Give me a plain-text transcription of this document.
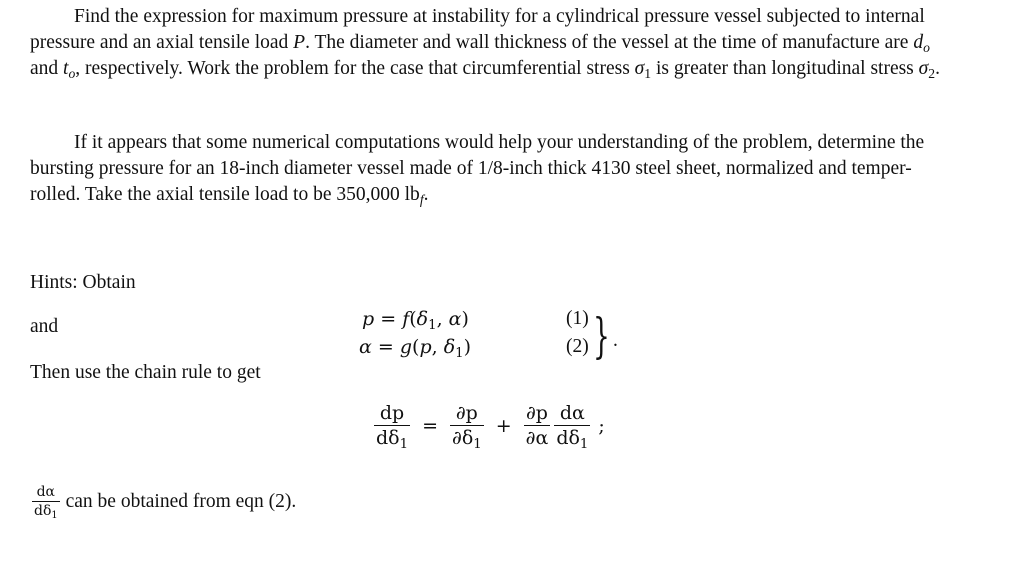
Find the expression for maximum pressure at instability for a cylindrical pressure vessel subjected to internal pressure and an axial tensile load P. The diameter and wall thickness of the vessel at the time of manufacture are $d_o$ and $t_o$, respectively. Work the problem for the case that circumferential stress $\sigma_1$ is greater than longitudinal stress $\sigma_2$.

If it appears that some numerical computations would help your understanding of the problem, determine the bursting pressure for an 18-inch diameter vessel made of 1/8-inch thick 4130 steel sheet, normalized and temper-rolled. Take the axial tensile load to be 350,000 $lb_f$.

Hints: Obtain
and	$p = f(\delta_1$, α)	(1)
α = g(p, $\delta_1$)	(2) } .
Then use the chain rule to get
$\frac{dp}{d\delta_1} = \frac{\partial p}{\partial\delta_1} + \frac{\partial p}{\partial\alpha} \frac{d\alpha}{d\delta_1}$ ;
$\frac{d\alpha}{d\delta_1}$ can be obtained from eqn (2).
